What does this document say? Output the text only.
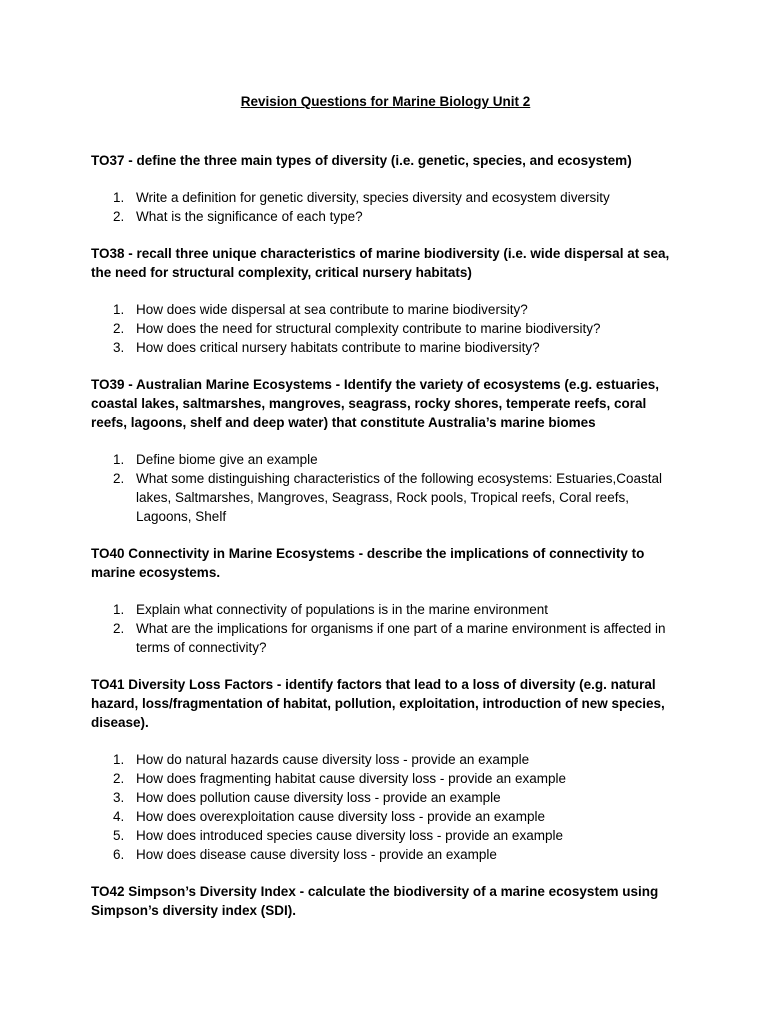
Revision Questions for Marine Biology Unit 2
TO37 - define the three main types of diversity (i.e. genetic, species, and ecosystem)
1. Write a definition for genetic diversity, species diversity and ecosystem diversity
2. What is the significance of each type?
TO38 - recall three unique characteristics of marine biodiversity (i.e. wide dispersal at sea, the need for structural complexity, critical nursery habitats)
1. How does wide dispersal at sea contribute to marine biodiversity?
2. How does the need for structural complexity contribute to marine biodiversity?
3. How does critical nursery habitats contribute to marine biodiversity?
TO39 - Australian Marine Ecosystems - Identify the variety of ecosystems (e.g. estuaries, coastal lakes, saltmarshes, mangroves, seagrass, rocky shores, temperate reefs, coral reefs, lagoons, shelf and deep water) that constitute Australia’s marine biomes
1. Define biome give an example
2. What some distinguishing characteristics of the following ecosystems: Estuaries,Coastal lakes, Saltmarshes, Mangroves, Seagrass, Rock pools, Tropical reefs, Coral reefs, Lagoons, Shelf
TO40 Connectivity in Marine Ecosystems - describe the implications of connectivity to marine ecosystems.
1. Explain what connectivity of populations is in the marine environment
2. What are the implications for organisms if one part of a marine environment is affected in terms of connectivity?
TO41 Diversity Loss Factors - identify factors that lead to a loss of diversity (e.g. natural hazard, loss/fragmentation of habitat, pollution, exploitation, introduction of new species, disease).
1. How do natural hazards cause diversity loss - provide an example
2. How does fragmenting habitat cause diversity loss - provide an example
3. How does pollution cause diversity loss - provide an example
4. How does overexploitation cause diversity loss - provide an example
5. How does introduced species cause diversity loss - provide an example
6. How does disease cause diversity loss - provide an example
TO42 Simpson’s Diversity Index - calculate the biodiversity of a marine ecosystem using Simpson’s diversity index (SDI).
